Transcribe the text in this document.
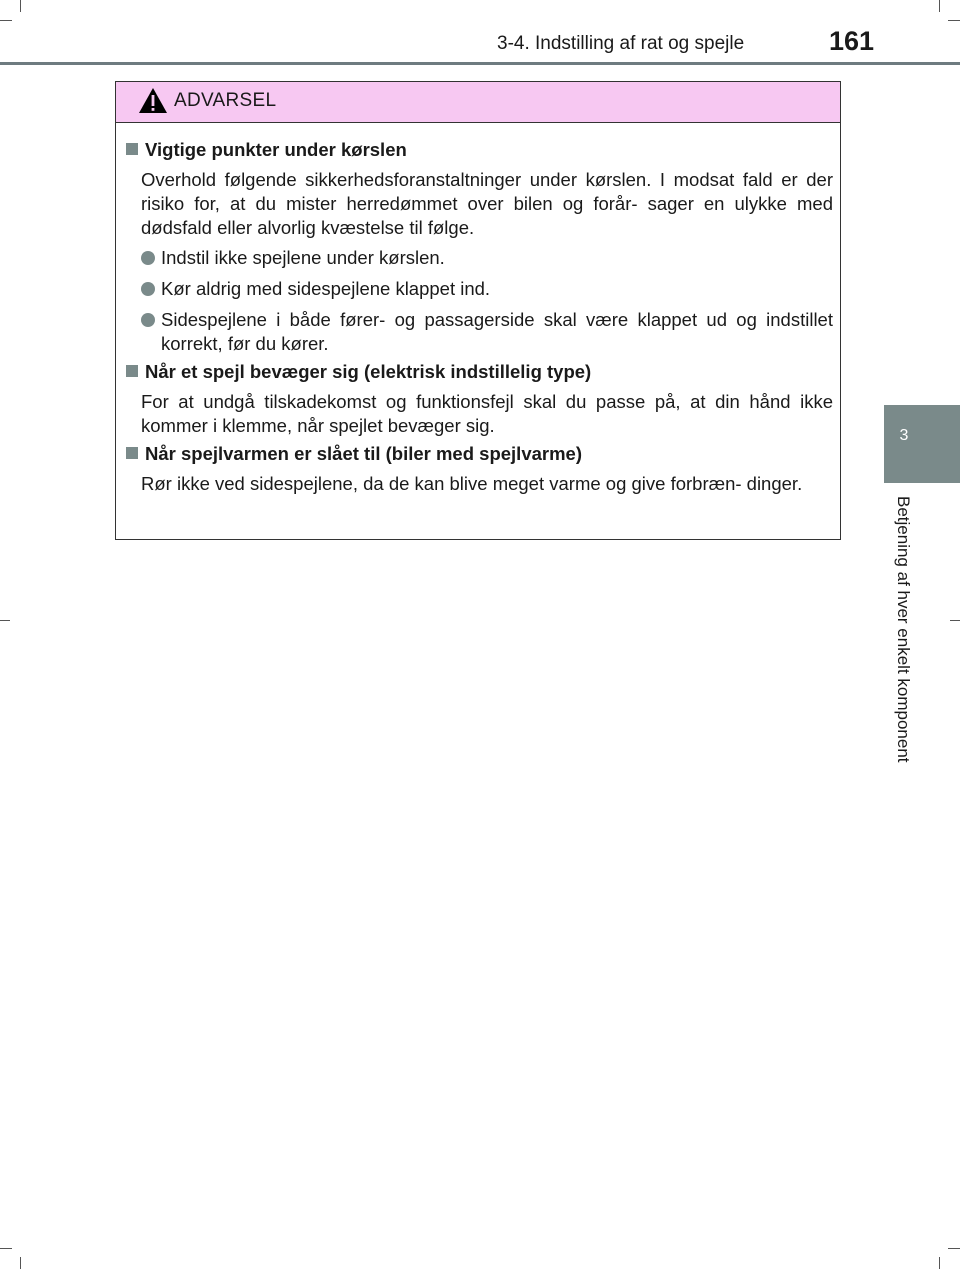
3-4. Indstilling af rat og spejle	161
3
Betjening af hver enkelt komponent
ADVARSEL
Vigtige punkter under kørslen
Overhold følgende sikkerhedsforanstaltninger under kørslen. I modsat fald er der risiko for, at du mister herredømmet over bilen og forår- sager en ulykke med dødsfald eller alvorlig kvæstelse til følge.
Indstil ikke spejlene under kørslen.
Kør aldrig med sidespejlene klappet ind.
Sidespejlene i både fører- og passagerside skal være klappet ud og indstillet korrekt, før du kører.
Når et spejl bevæger sig (elektrisk indstillelig type)
For at undgå tilskadekomst og funktionsfejl skal du passe på, at din hånd ikke kommer i klemme, når spejlet bevæger sig.
Når spejlvarmen er slået til (biler med spejlvarme)
Rør ikke ved sidespejlene, da de kan blive meget varme og give forbræn- dinger.
